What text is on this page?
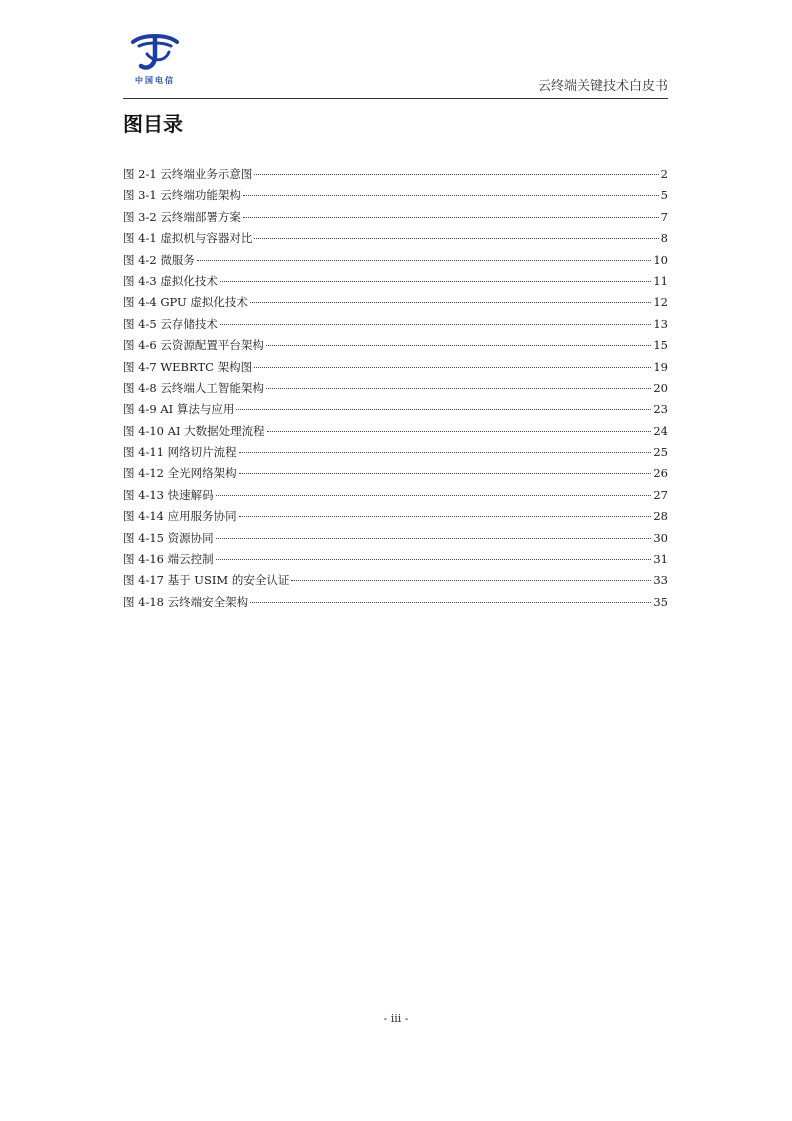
中国电信	云终端关键技术白皮书
图目录
图 2-1 云终端业务示意图	2
图 3-1 云终端功能架构	5
图 3-2 云终端部署方案	7
图 4-1 虚拟机与容器对比	8
图 4-2 微服务	10
图 4-3 虚拟化技术	11
图 4-4 GPU 虚拟化技术	12
图 4-5 云存储技术	13
图 4-6 云资源配置平台架构	15
图 4-7 WEBRTC 架构图	19
图 4-8 云终端人工智能架构	20
图 4-9 AI 算法与应用	23
图 4-10 AI 大数据处理流程	24
图 4-11 网络切片流程	25
图 4-12 全光网络架构	26
图 4-13 快速解码	27
图 4-14 应用服务协同	28
图 4-15 资源协同	30
图 4-16 端云控制	31
图 4-17 基于 USIM 的安全认证	33
图 4-18 云终端安全架构	35
- iii -
